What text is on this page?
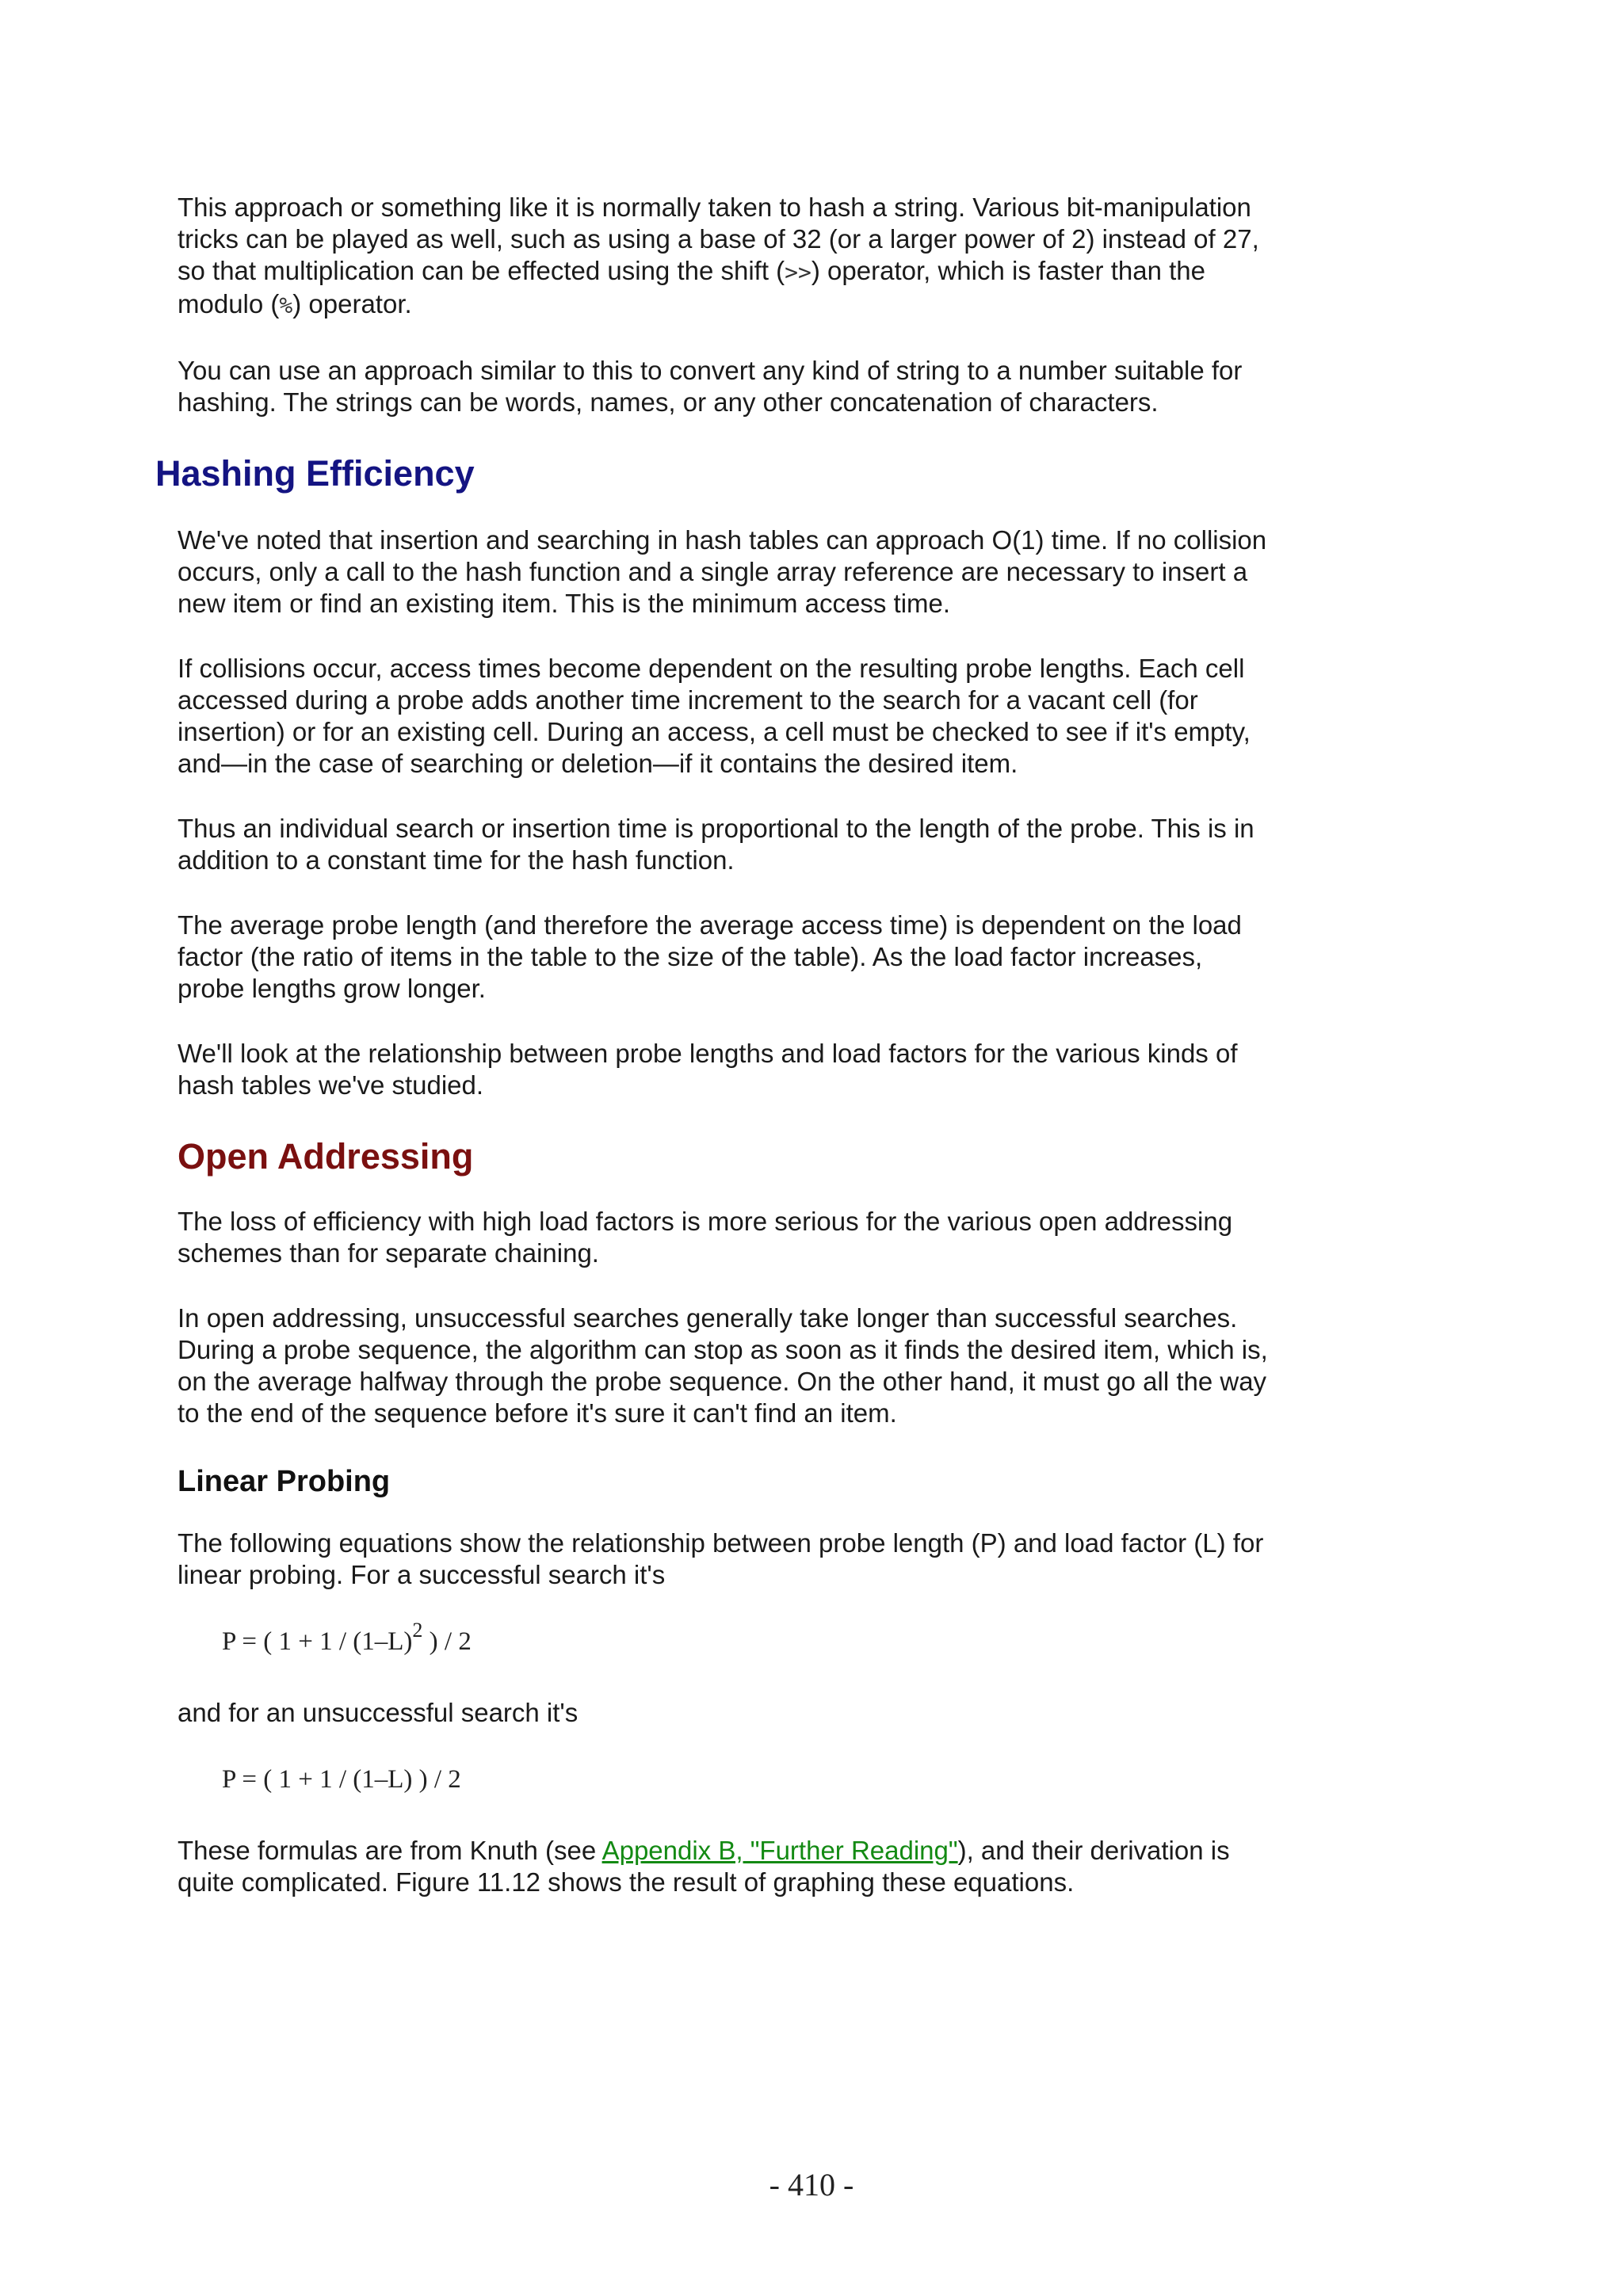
This approach or something like it is normally taken to hash a string. Various bit-manipulation tricks can be played as well, such as using a base of 32 (or a larger power of 2) instead of 27, so that multiplication can be effected using the shift (>>) operator, which is faster than the modulo (%) operator.

You can use an approach similar to this to convert any kind of string to a number suitable for hashing. The strings can be words, names, or any other concatenation of characters.

Hashing Efficiency

We've noted that insertion and searching in hash tables can approach O(1) time. If no collision occurs, only a call to the hash function and a single array reference are necessary to insert a new item or find an existing item. This is the minimum access time.

If collisions occur, access times become dependent on the resulting probe lengths. Each cell accessed during a probe adds another time increment to the search for a vacant cell (for insertion) or for an existing cell. During an access, a cell must be checked to see if it's empty, and—in the case of searching or deletion—if it contains the desired item.

Thus an individual search or insertion time is proportional to the length of the probe. This is in addition to a constant time for the hash function.

The average probe length (and therefore the average access time) is dependent on the load factor (the ratio of items in the table to the size of the table). As the load factor increases, probe lengths grow longer.

We'll look at the relationship between probe lengths and load factors for the various kinds of hash tables we've studied.

Open Addressing

The loss of efficiency with high load factors is more serious for the various open addressing schemes than for separate chaining.

In open addressing, unsuccessful searches generally take longer than successful searches. During a probe sequence, the algorithm can stop as soon as it finds the desired item, which is, on the average halfway through the probe sequence. On the other hand, it must go all the way to the end of the sequence before it's sure it can't find an item.

Linear Probing

The following equations show the relationship between probe length (P) and load factor (L) for linear probing. For a successful search it's

P = ( $1 + 1 / (1-L)^2$ ) / 2

and for an unsuccessful search it's

P = ( 1 + 1 / (1–L) ) / 2

These formulas are from Knuth (see Appendix B, "Further Reading"), and their derivation is quite complicated. Figure 11.12 shows the result of graphing these equations.

- 410 -
